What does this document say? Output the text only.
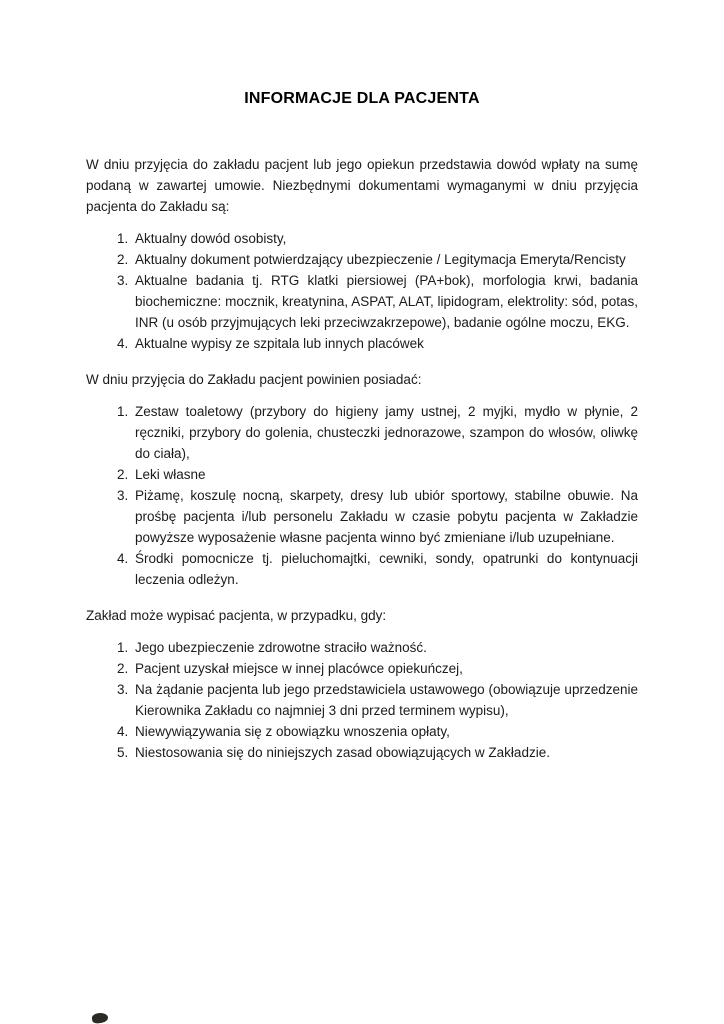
INFORMACJE DLA PACJENTA

W dniu przyjęcia do zakładu pacjent lub jego opiekun przedstawia dowód wpłaty na sumę podaną w zawartej umowie. Niezbędnymi dokumentami wymaganymi w dniu przyjęcia pacjenta do Zakładu są:

1. Aktualny dowód osobisty,
2. Aktualny dokument potwierdzający ubezpieczenie / Legitymacja Emeryta/Rencisty
3. Aktualne badania tj. RTG klatki piersiowej (PA+bok), morfologia krwi, badania biochemiczne: mocznik, kreatynina, ASPAT, ALAT, lipidogram, elektrolity: sód, potas, INR (u osób przyjmujących leki przeciwzakrzepowe), badanie ogólne moczu, EKG.
4. Aktualne wypisy ze szpitala lub innych placówek

W dniu przyjęcia do Zakładu pacjent powinien posiadać:

1. Zestaw toaletowy (przybory do higieny jamy ustnej, 2 myjki, mydło w płynie, 2 ręczniki, przybory do golenia, chusteczki jednorazowe, szampon do włosów, oliwkę do ciała),
2. Leki własne
3. Piżamę, koszulę nocną, skarpety, dresy lub ubiór sportowy, stabilne obuwie. Na prośbę pacjenta i/lub personelu Zakładu w czasie pobytu pacjenta w Zakładzie powyższe wyposażenie własne pacjenta winno być zmieniane i/lub uzupełniane.
4. Środki pomocnicze tj. pieluchomajtki, cewniki, sondy, opatrunki do kontynuacji leczenia odleżyn.

Zakład może wypisać pacjenta, w przypadku, gdy:

1. Jego ubezpieczenie zdrowotne straciło ważność.
2. Pacjent uzyskał miejsce w innej placówce opiekuńczej,
3. Na żądanie pacjenta lub jego przedstawiciela ustawowego (obowiązuje uprzedzenie Kierownika Zakładu co najmniej 3 dni przed terminem wypisu),
4. Niewywiązywania się z obowiązku wnoszenia opłaty,
5. Niestosowania się do niniejszych zasad obowiązujących w Zakładzie.
